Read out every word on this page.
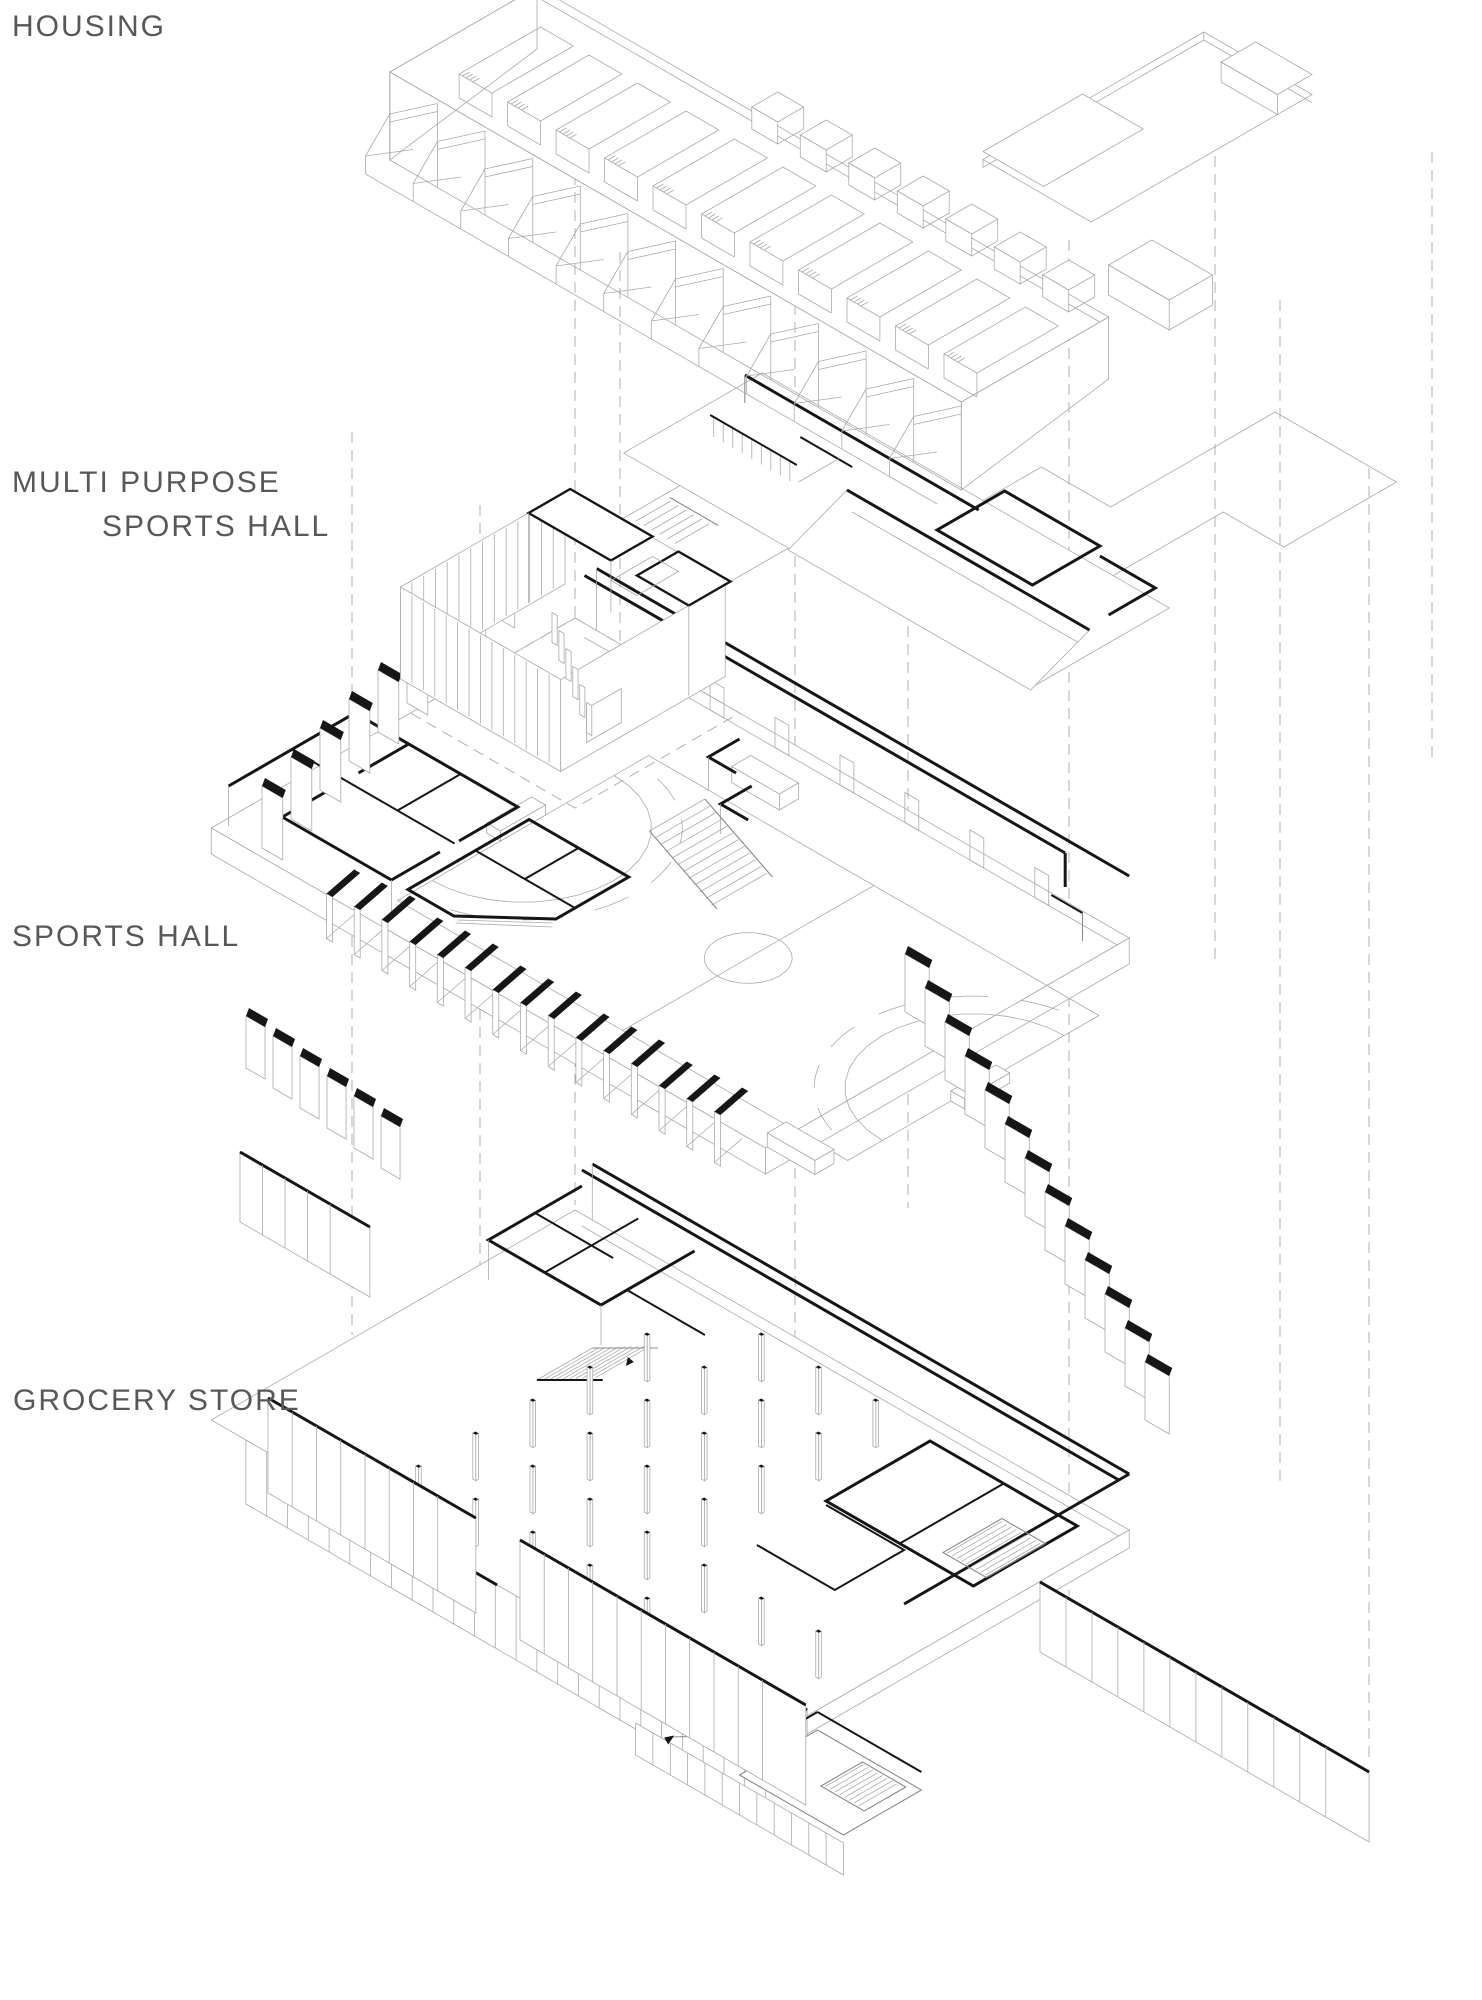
HOUSING
MULTI PURPOSE
SPORTS HALL
SPORTS HALL
GROCERY STORE
